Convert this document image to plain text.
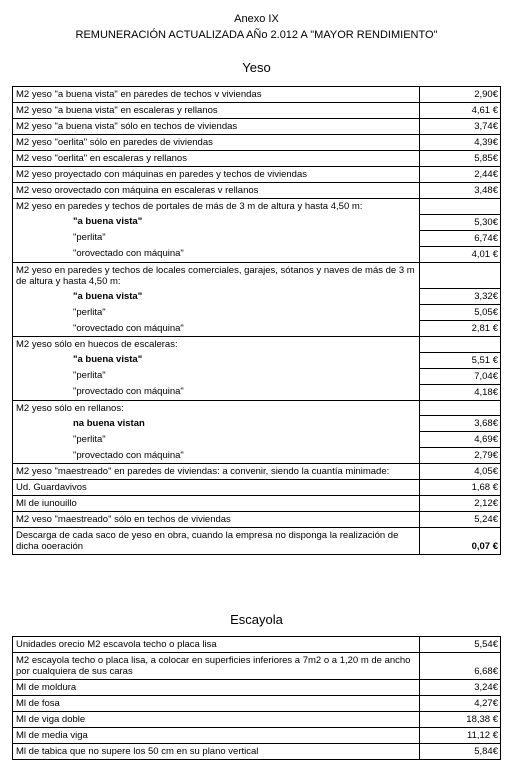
Anexo IX
REMUNERACIÓN ACTUALIZADA AÑo 2.012 A "MAYOR RENDIMIENTO"
Yeso
M2 yeso "a buena vista" en paredes de techos v viviendas	2,90€
M2 yeso "a buena vista" en escaleras y rellanos	4,61 €
M2 yeso "a buena vista" sólo en techos de viviendas	3,74€
M2 yeso "oerlita" sólo en paredes de viviendas	4,39€
M2 veso "oerlita" en escaleras y rellanos	5,85€
M2 yeso proyectado con máquinas en paredes y techos de viviendas	2,44€
M2 veso orovectado con máquina en escaleras v rellanos	3,48€
M2 yeso en paredes y techos de portales de más de 3 m de altura y hasta 4,50 m:	
"a buena vista"	5,30€
"perlita"	6,74€
"orovectado con máquina"	4,01 €
M2 yeso en paredes y techos de locales comerciales, garajes, sótanos y naves de más de 3 m de altura y hasta 4,50 m:	
"a buena vista"	3,32€
"perlita"	5,05€
"orovectado con máquina"	2,81 €
M2 yeso sólo en huecos de escaleras:	
"a buena vista"	5,51 €
"perlita"	7,04€
"provectado con máquina"	4,18€
M2 yeso sólo en rellanos:	
na buena vistan	3,68€
"perlita"	4,69€
"provectado con máquina"	2,79€
M2 yeso "maestreado" en paredes de viviendas: a convenir, siendo la cuantía minimade:	4,05€
Ud. Guardavivos	1,68 €
Ml de iunouillo	2,12€
M2 veso "maestreado" sólo en techos de viviendas	5,24€
Descarga de cada saco de yeso en obra, cuando la empresa no disponga la realización de dicha ooeración	0,07 €
Escayola
Unidades orecio M2 escavola techo o placa lisa	5,54€
M2 escayola techo o placa lisa, a colocar en superficies inferiores a 7m2 o a 1,20 m de ancho por cualquiera de sus caras	6,68€
Ml de moldura	3,24€
Ml de fosa	4,27€
Ml de viga doble	18,38 €
Ml de media viga	11,12 €
Ml de tabica que no supere los 50 cm en su plano vertical	5,84€
